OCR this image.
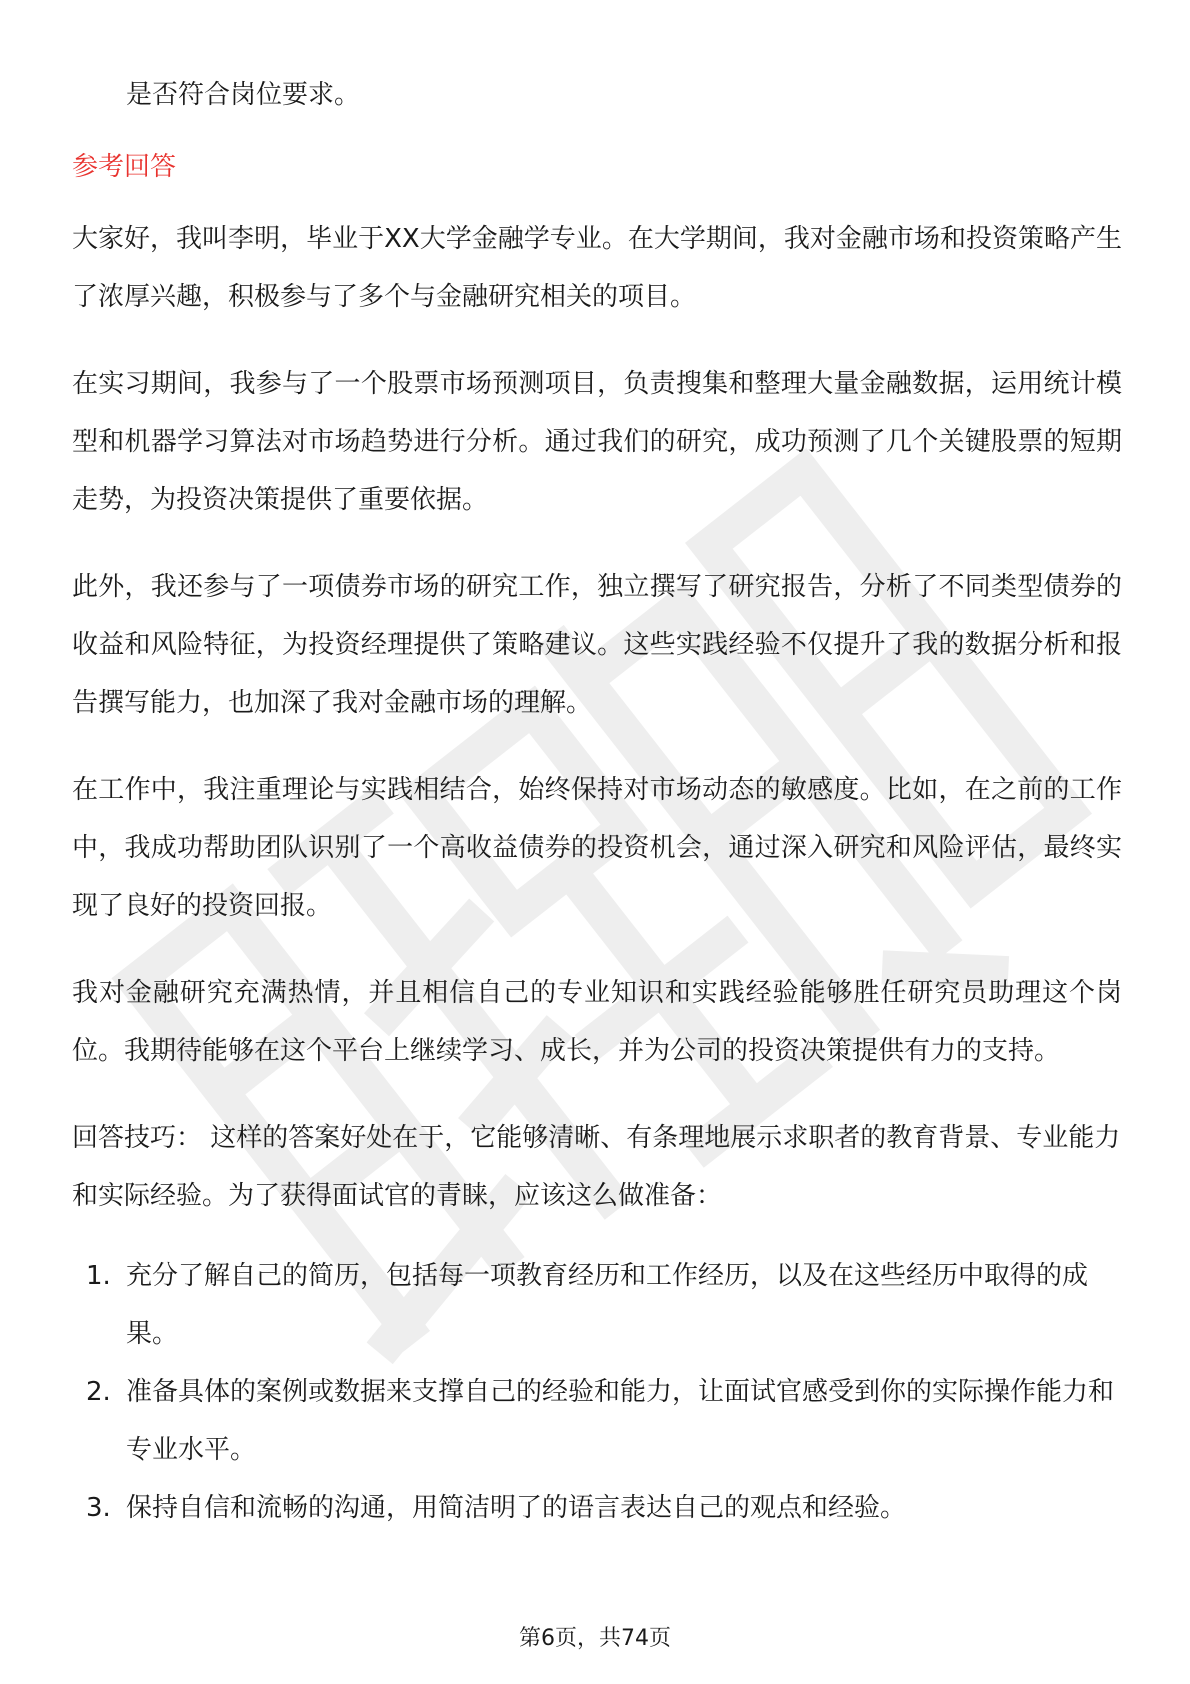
是否符合岗位要求。

参考回答

大家好，我叫李明，毕业于XX大学金融学专业。在大学期间，我对金融市场和投资策略产生了浓厚兴趣，积极参与了多个与金融研究相关的项目。

在实习期间，我参与了一个股票市场预测项目，负责搜集和整理大量金融数据，运用统计模型和机器学习算法对市场趋势进行分析。通过我们的研究，成功预测了几个关键股票的短期走势，为投资决策提供了重要依据。

此外，我还参与了一项债券市场的研究工作，独立撰写了研究报告，分析了不同类型债券的收益和风险特征，为投资经理提供了策略建议。这些实践经验不仅提升了我的数据分析和报告撰写能力，也加深了我对金融市场的理解。

在工作中，我注重理论与实践相结合，始终保持对市场动态的敏感度。比如，在之前的工作中，我成功帮助团队识别了一个高收益债券的投资机会，通过深入研究和风险评估，最终实现了良好的投资回报。

我对金融研究充满热情，并且相信自己的专业知识和实践经验能够胜任研究员助理这个岗位。我期待能够在这个平台上继续学习、成长，并为公司的投资决策提供有力的支持。

回答技巧： 这样的答案好处在于，它能够清晰、有条理地展示求职者的教育背景、专业能力和实际经验。为了获得面试官的青睐，应该这么做准备：

1. 充分了解自己的简历，包括每一项教育经历和工作经历，以及在这些经历中取得的成果。
2. 准备具体的案例或数据来支撑自己的经验和能力，让面试官感受到你的实际操作能力和专业水平。
3. 保持自信和流畅的沟通，用简洁明了的语言表达自己的观点和经验。
第6页，共74页
